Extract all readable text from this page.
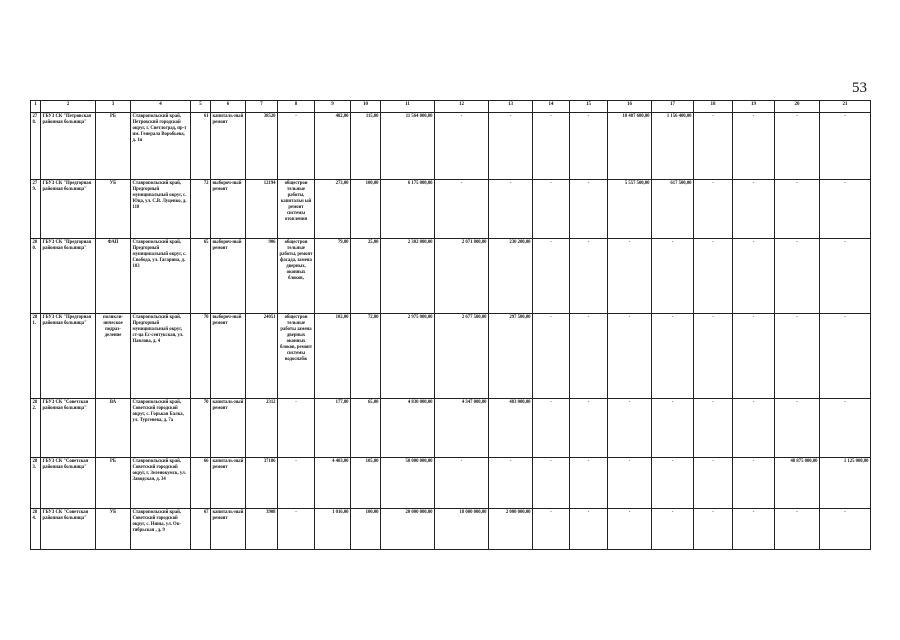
53
1	2	3	4	5	6	7	8	9	10	11	12	13	14	15	16	17	18	19	20	21
278.	ГБУЗ СК "Петровская районная больница"	РБ	Ставропольский край, Петровский городской округ, г. Светлоград, пр-т им. Генерала Воробьева, д. 1н	61	капиталь-ный ремонт	38520	-	482,00	115,00	11 564 000,00	-	-	-	-	10 407 600,00	1 156 400,00	-	-	-	-
279.	ГБУЗ СК "Предгорная районная больница"	УБ	Ставропольский край, Предгорный муниципальный округ, с. Юца, ул. С.В. Луценко, д. 118	72	выбороч-ный ремонт	12194	общестрои тельные работы, капитальн ый ремонт системы отопления	273,00	100,00	6 175 000,00	-	-	-	-	5 557 500,00	617 500,00	-	-	-	-
280.	ГБУЗ СК "Предгорная районная больница"	ФАП	Ставропольский край, Предгорный муниципальный округ, с. Свобода, ул. Гагарина, д. 103	65	выбороч-ный ремонт	906	общестрои тельные работы, ремонт фасада, замена дверных, оконных блоков,	79,00	25,00	2 302 000,00	2 071 800,00	230 200,00	-	-	-	-	-	-	-	-
281.	ГБУЗ СК "Предгорная районная больница"	поликли-ническое подраз-деление	Ставропольский край, Предгорный муниципальный округ, ст-ца Ес-сентукская, ул. Павлова, д. 4	70	выбороч-ный ремонт	24051	общестрои тельные работы замена дверных оконных блоков, ремонт системы водоснабж	102,00	72,00	2 975 000,00	2 677 500,00	297 500,00	-	-	-	-	-	-	-	-
282.	ГБУЗ СК "Советская районная больница"	ВА	Ставропольский край, Советский городской округ, с. Горькая Балка, ул. Тургенева, д. 7а	70	капиталь-ный ремонт	2312	-	177,00	65,00	4 830 000,00	4 347 000,00	483 000,00	-	-	-	-	-	-	-	-
283.	ГБУЗ СК "Советская районная больница"	РБ	Ставропольский край, Советский городской округ, г. Зеленокумск, ул. Заводская, д. 34	66	капиталь-ный ремонт	37186	-	4 403,00	105,00	50 000 000,00	-	-	-	-	-	-	-	-	48 875 000,00	1 125 000,00
284.	ГБУЗ СК "Советская районная больница"	УБ	Ставропольский край, Советский городской округ, с. Нины, ул. Ок-тябрьская , д. 9	67	капиталь-ный ремонт	3908	-	1 016,00	100,00	20 000 000,00	18 000 000,00	2 000 000,00	-	-	-	-	-	-	-	-
